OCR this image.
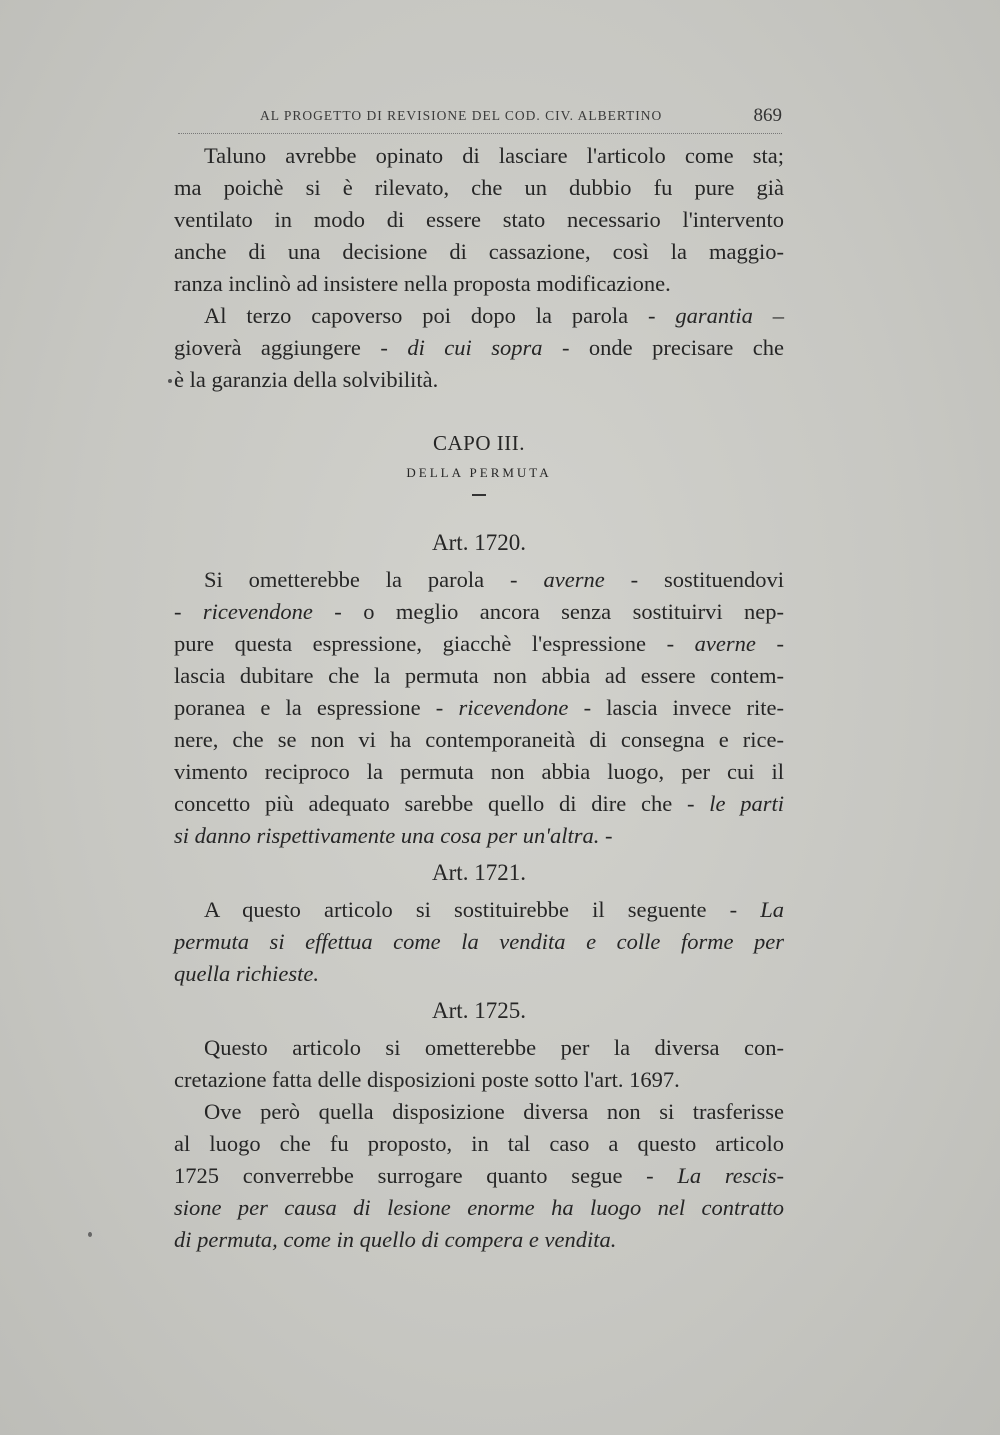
AL PROGETTO DI REVISIONE DEL COD. CIV. ALBERTINO	869
Taluno avrebbe opinato di lasciare l'articolo come sta;
ma poichè si è rilevato, che un dubbio fu pure già
ventilato in modo di essere stato necessario l'intervento
anche di una decisione di cassazione, così la maggio-
ranza inclinò ad insistere nella proposta modificazione.
Al terzo capoverso poi dopo la parola - garantia –
gioverà aggiungere - di cui sopra - onde precisare che
è la garanzia della solvibilità.
CAPO III.
DELLA PERMUTA
Art. 1720.
Si ometterebbe la parola - averne - sostituendovi
- ricevendone - o meglio ancora senza sostituirvi nep-
pure questa espressione, giacchè l'espressione - averne -
lascia dubitare che la permuta non abbia ad essere contem-
poranea e la espressione - ricevendone - lascia invece rite-
nere, che se non vi ha contemporaneità di consegna e rice-
vimento reciproco la permuta non abbia luogo, per cui il
concetto più adequato sarebbe quello di dire che - le parti
si danno rispettivamente una cosa per un'altra. -
Art. 1721.
A questo articolo si sostituirebbe il seguente - La
permuta si effettua come la vendita e colle forme per
quella richieste.
Art. 1725.
Questo articolo si ometterebbe per la diversa con-
cretazione fatta delle disposizioni poste sotto l'art. 1697.
Ove però quella disposizione diversa non si trasferisse
al luogo che fu proposto, in tal caso a questo articolo
1725 converrebbe surrogare quanto segue - La rescis-
sione per causa di lesione enorme ha luogo nel contratto
di permuta, come in quello di compera e vendita.
